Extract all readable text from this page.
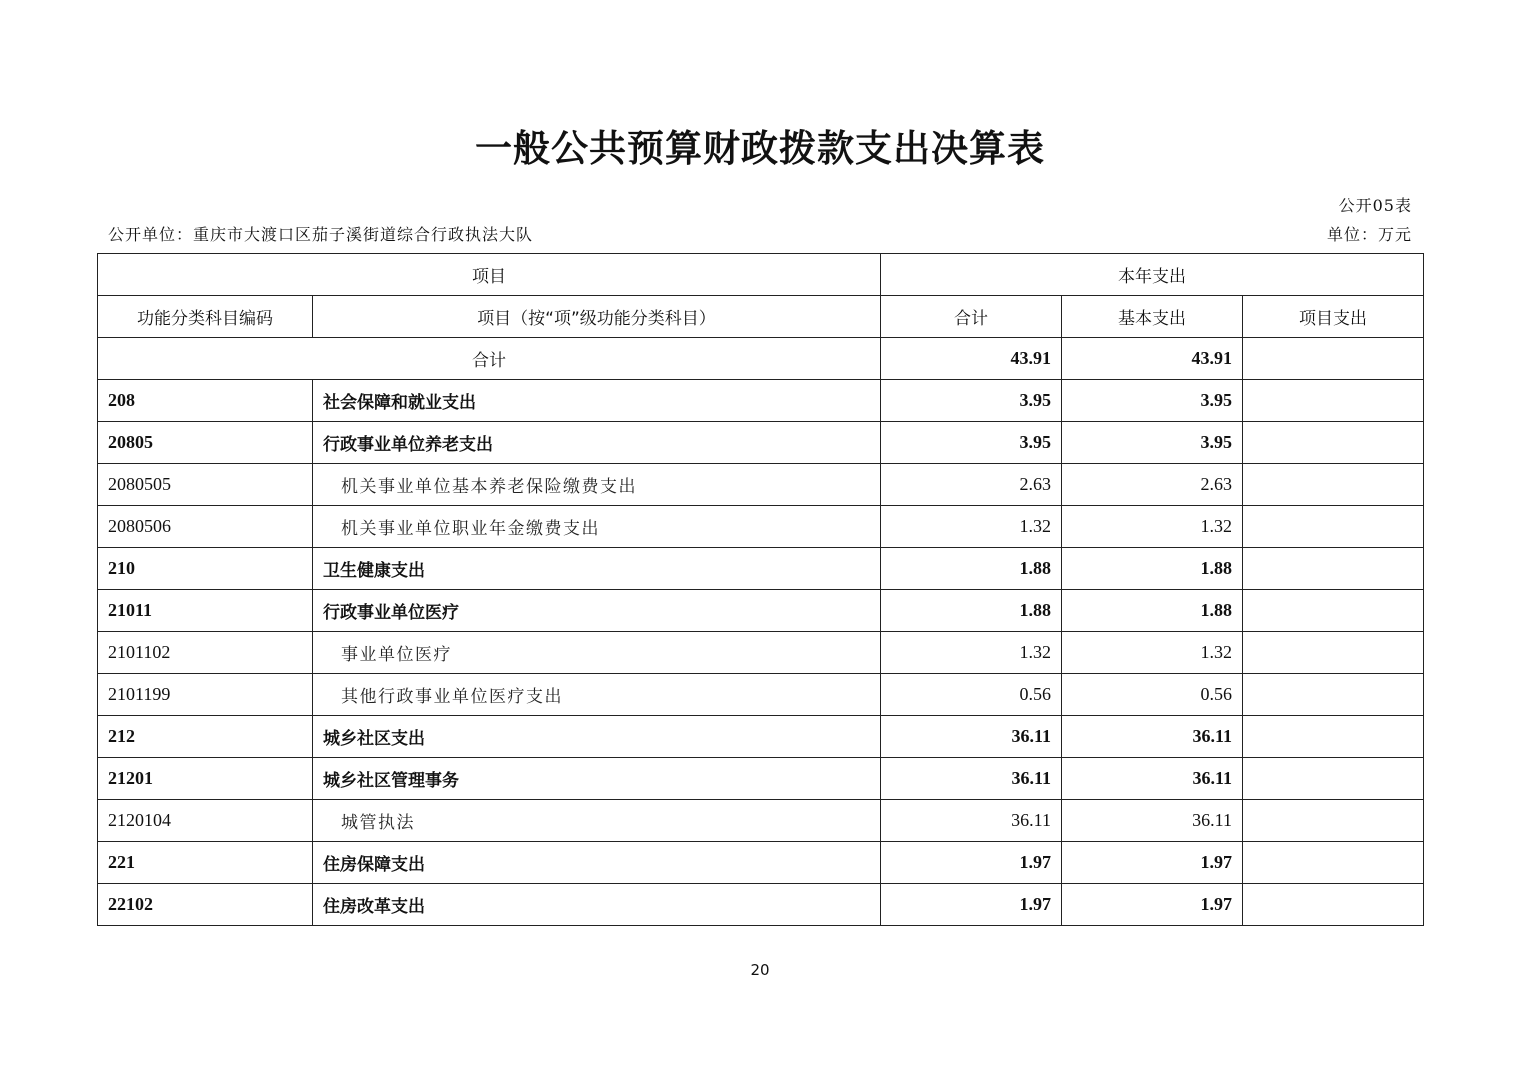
一般公共预算财政拨款支出决算表
公开05表
公开单位：重庆市大渡口区茄子溪街道综合行政执法大队	单位：万元
项目		本年支出		
功能分类科目编码	项目（按“项”级功能分类科目）	合计	基本支出	项目支出
合计		43.91	43.91	
208	社会保障和就业支出	3.95	3.95	
20805	行政事业单位养老支出	3.95	3.95	
2080505	机关事业单位基本养老保险缴费支出	2.63	2.63	
2080506	机关事业单位职业年金缴费支出	1.32	1.32	
210	卫生健康支出	1.88	1.88	
21011	行政事业单位医疗	1.88	1.88	
2101102	事业单位医疗	1.32	1.32	
2101199	其他行政事业单位医疗支出	0.56	0.56	
212	城乡社区支出	36.11	36.11	
21201	城乡社区管理事务	36.11	36.11	
2120104	城管执法	36.11	36.11	
221	住房保障支出	1.97	1.97	
22102	住房改革支出	1.97	1.97	
20
